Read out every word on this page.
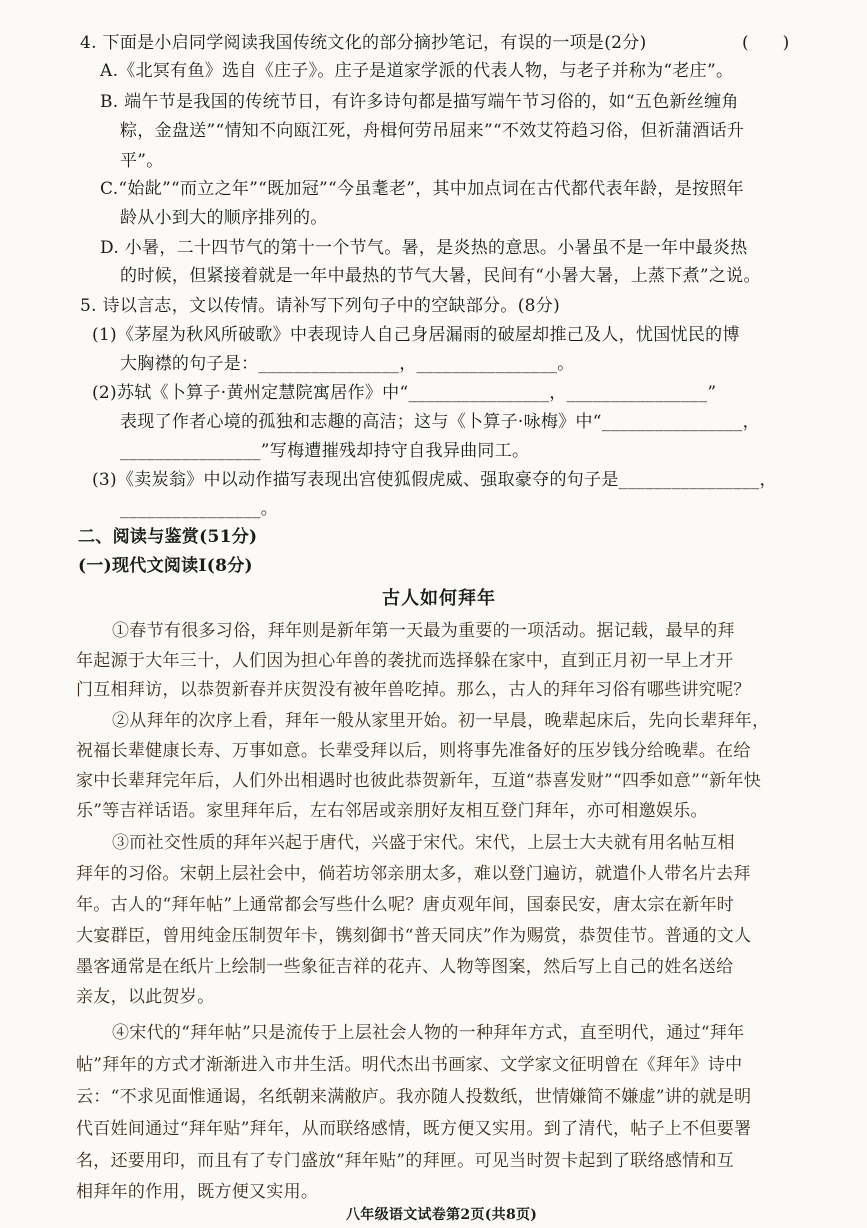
4. 下面是小启同学阅读我国传统文化的部分摘抄笔记，有误的一项是(2分)	(　　)
A.《北冥有鱼》选自《庄子》。庄子是道家学派的代表人物，与老子并称为“老庄”。
B. 端午节是我国的传统节日，有许多诗句都是描写端午节习俗的，如“五色新丝缠角
粽，金盘送”“情知不向瓯江死，舟楫何劳吊屈来”“不效艾符趋习俗，但祈蒲酒话升
平”。
C.“始龀”“而立之年”“既加冠”“今虽耄老”，其中加点词在古代都代表年龄，是按照年
龄从小到大的顺序排列的。
D. 小暑，二十四节气的第十一个节气。暑，是炎热的意思。小暑虽不是一年中最炎热
的时候，但紧接着就是一年中最热的节气大暑，民间有“小暑大暑，上蒸下煮”之说。
5. 诗以言志，文以传情。请补写下列句子中的空缺部分。(8分)
(1)《茅屋为秋风所破歌》中表现诗人自己身居漏雨的破屋却推己及人，忧国忧民的博
大胸襟的句子是：________________，________________。
(2)苏轼《卜算子·黄州定慧院寓居作》中“________________，________________”
表现了作者心境的孤独和志趣的高洁；这与《卜算子·咏梅》中“________________，
________________”写梅遭摧残却持守自我异曲同工。
(3)《卖炭翁》中以动作描写表现出宫使狐假虎威、强取豪夺的句子是________________，
________________。
二、阅读与鉴赏(51分)
(一)现代文阅读Ⅰ(8分)
古人如何拜年
①春节有很多习俗，拜年则是新年第一天最为重要的一项活动。据记载，最早的拜
年起源于大年三十，人们因为担心年兽的袭扰而选择躲在家中，直到正月初一早上才开
门互相拜访，以恭贺新春并庆贺没有被年兽吃掉。那么，古人的拜年习俗有哪些讲究呢？
②从拜年的次序上看，拜年一般从家里开始。初一早晨，晚辈起床后，先向长辈拜年，
祝福长辈健康长寿、万事如意。长辈受拜以后，则将事先准备好的压岁钱分给晚辈。在给
家中长辈拜完年后，人们外出相遇时也彼此恭贺新年，互道“恭喜发财”“四季如意”“新年快
乐”等吉祥话语。家里拜年后，左右邻居或亲朋好友相互登门拜年，亦可相邀娱乐。
③而社交性质的拜年兴起于唐代，兴盛于宋代。宋代，上层士大夫就有用名帖互相
拜年的习俗。宋朝上层社会中，倘若坊邻亲朋太多，难以登门遍访，就遣仆人带名片去拜
年。古人的“拜年帖”上通常都会写些什么呢？唐贞观年间，国泰民安，唐太宗在新年时
大宴群臣，曾用纯金压制贺年卡，镌刻御书“普天同庆”作为赐赏，恭贺佳节。普通的文人
墨客通常是在纸片上绘制一些象征吉祥的花卉、人物等图案，然后写上自己的姓名送给
亲友，以此贺岁。
④宋代的“拜年帖”只是流传于上层社会人物的一种拜年方式，直至明代，通过“拜年
帖”拜年的方式才渐渐进入市井生活。明代杰出书画家、文学家文征明曾在《拜年》诗中
云：“不求见面惟通谒，名纸朝来满敝庐。我亦随人投数纸，世情嫌简不嫌虚”讲的就是明
代百姓间通过“拜年贴”拜年，从而联络感情，既方便又实用。到了清代，帖子上不但要署
名，还要用印，而且有了专门盛放“拜年贴”的拜匣。可见当时贺卡起到了联络感情和互
相拜年的作用，既方便又实用。
八年级语文试卷第2页(共8页)
